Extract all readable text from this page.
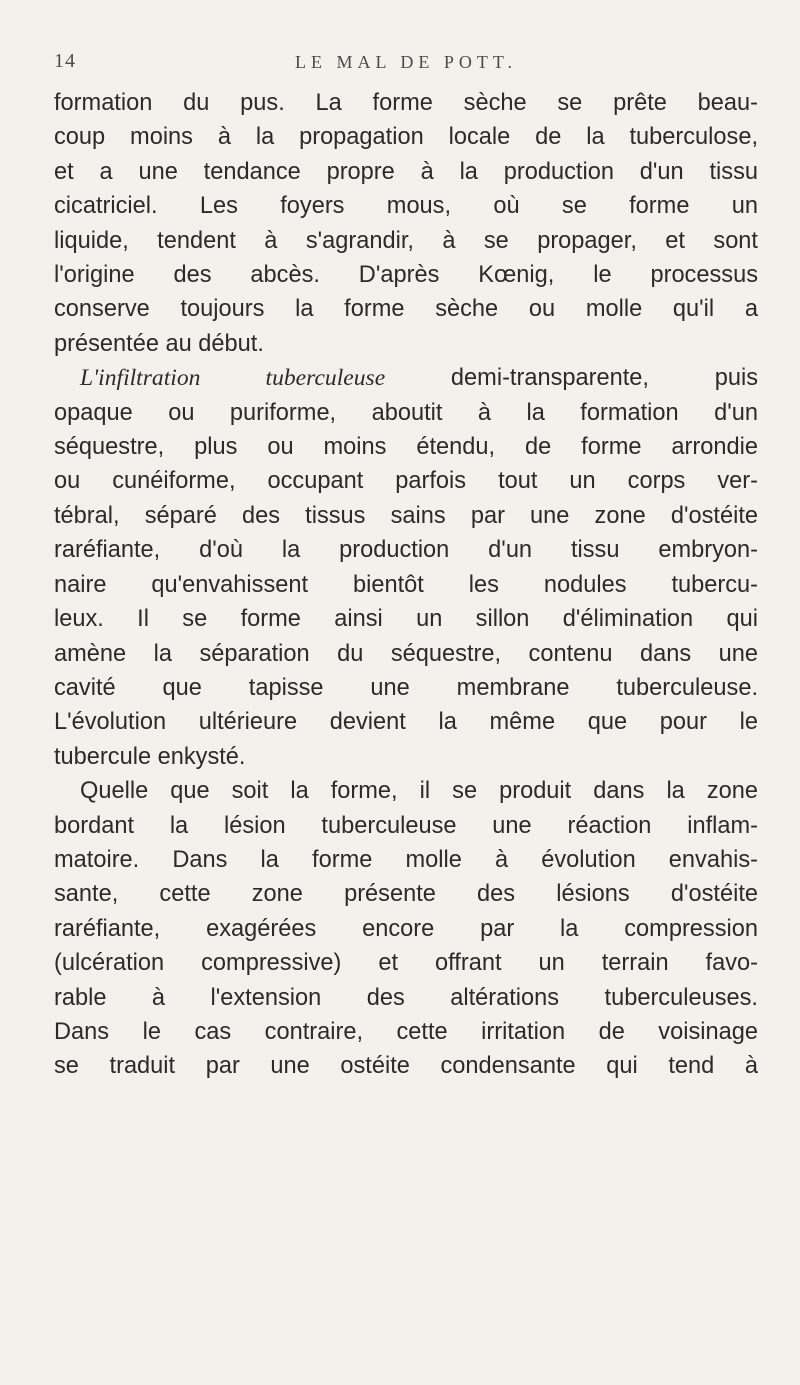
14	LE MAL DE POTT.

formation du pus. La forme sèche se prête beau-

coup moins à la propagation locale de la tuberculose,

et a une tendance propre à la production d'un tissu

cicatriciel. Les foyers mous, où se forme un

liquide, tendent à s'agrandir, à se propager, et sont

l'origine des abcès. D'après Kœnig, le processus

conserve toujours la forme sèche ou molle qu'il a

présentée au début.

L'infiltration tuberculeuse demi-transparente, puis

opaque ou puriforme, aboutit à la formation d'un

séquestre, plus ou moins étendu, de forme arrondie

ou cunéiforme, occupant parfois tout un corps ver-

tébral, séparé des tissus sains par une zone d'ostéite

raréfiante, d'où la production d'un tissu embryon-

naire qu'envahissent bientôt les nodules tubercu-

leux. Il se forme ainsi un sillon d'élimination qui

amène la séparation du séquestre, contenu dans une

cavité que tapisse une membrane tuberculeuse.

L'évolution ultérieure devient la même que pour le

tubercule enkysté.

Quelle que soit la forme, il se produit dans la zone

bordant la lésion tuberculeuse une réaction inflam-

matoire. Dans la forme molle à évolution envahis-

sante, cette zone présente des lésions d'ostéite

raréfiante, exagérées encore par la compression

(ulcération compressive) et offrant un terrain favo-

rable à l'extension des altérations tuberculeuses.

Dans le cas contraire, cette irritation de voisinage

se traduit par une ostéite condensante qui tend à
